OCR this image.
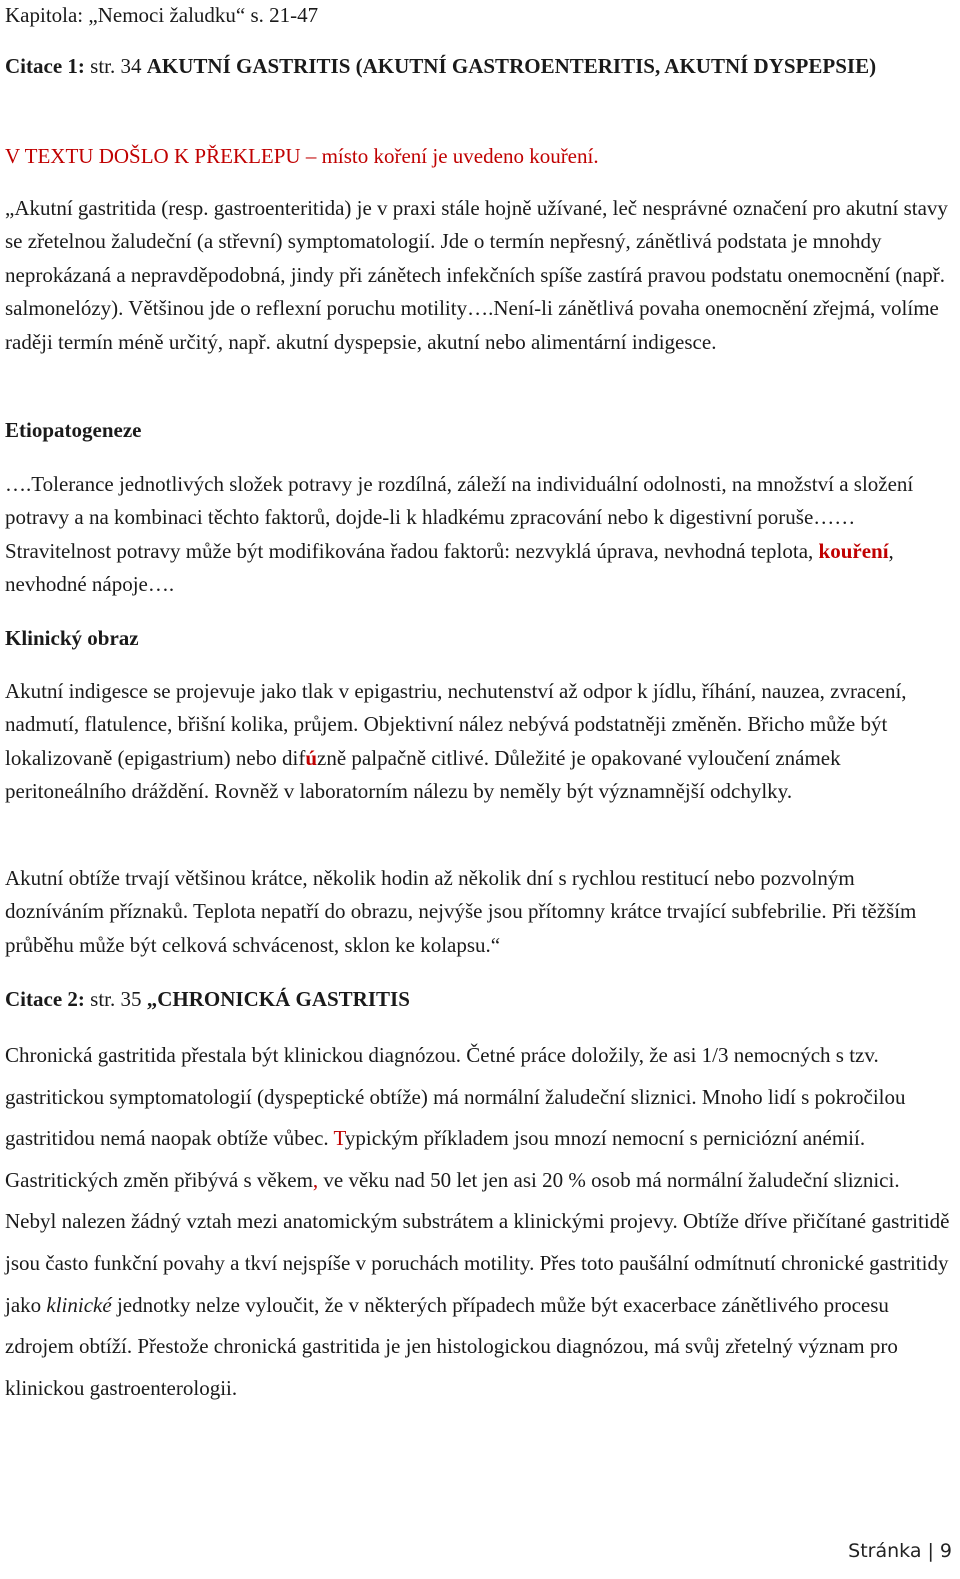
Kapitola: „Nemoci žaludku“ s. 21-47

Citace 1: str. 34 AKUTNÍ GASTRITIS (AKUTNÍ GASTROENTERITIS, AKUTNÍ DYSPEPSIE)

V TEXTU DOŠLO K PŘEKLEPU – místo koření je uvedeno kouření.

„Akutní gastritida (resp. gastroenteritida) je v praxi stále hojně užívané, leč nesprávné označení pro akutní stavy se zřetelnou žaludeční (a střevní) symptomatologií. Jde o termín nepřesný, zánětlivá podstata je mnohdy neprokázaná a nepravděpodobná, jindy při zánětech infekčních spíše zastírá pravou podstatu onemocnění (např. salmonelózy). Většinou jde o reflexní poruchu motility….Není-li zánětlivá povaha onemocnění zřejmá, volíme raději termín méně určitý, např. akutní dyspepsie, akutní nebo alimentární indigesce.

Etiopatogeneze

….Tolerance jednotlivých složek potravy je rozdílná, záleží na individuální odolnosti, na množství a složení potravy a na kombinaci těchto faktorů, dojde-li k hladkému zpracování nebo k digestivní poruše……Stravitelnost potravy může být modifikována řadou faktorů: nezvyklá úprava, nevhodná teplota, kouření, nevhodné nápoje….

Klinický obraz

Akutní indigesce se projevuje jako tlak v epigastriu, nechutenství až odpor k jídlu, říhání, nauzea, zvracení, nadmutí, flatulence, břišní kolika, průjem. Objektivní nález nebývá podstatněji změněn. Břicho může být lokalizovaně (epigastrium) nebo difúzně palpačně citlivé. Důležité je opakované vyloučení známek peritoneálního dráždění. Rovněž v laboratorním nálezu by neměly být významnější odchylky.

Akutní obtíže trvají většinou krátce, několik hodin až několik dní s rychlou restitucí nebo pozvolným dozníváním příznaků. Teplota nepatří do obrazu, nejvýše jsou přítomny krátce trvající subfebrilie. Při těžším průběhu může být celková schvácenost, sklon ke kolapsu.“

Citace 2: str. 35 „CHRONICKÁ GASTRITIS

Chronická gastritida přestala být klinickou diagnózou. Četné práce doložily, že asi 1/3 nemocných s tzv. gastritickou symptomatologií (dyspeptické obtíže) má normální žaludeční sliznici. Mnoho lidí s pokročilou gastritidou nemá naopak obtíže vůbec. Typickým příkladem jsou mnozí nemocní s perniciózní anémií. Gastritických změn přibývá s věkem, ve věku nad 50 let jen asi 20 % osob má normální žaludeční sliznici. Nebyl nalezen žádný vztah mezi anatomickým substrátem a klinickými projevy. Obtíže dříve přičítané gastritidě jsou často funkční povahy a tkví nejspíše v poruchách motility. Přes toto paušální odmítnutí chronické gastritidy jako klinické jednotky nelze vyloučit, že v některých případech může být exacerbace zánětlivého procesu zdrojem obtíží. Přestože chronická gastritida je jen histologickou diagnózou, má svůj zřetelný význam pro klinickou gastroenterologii.

Stránka | 9
